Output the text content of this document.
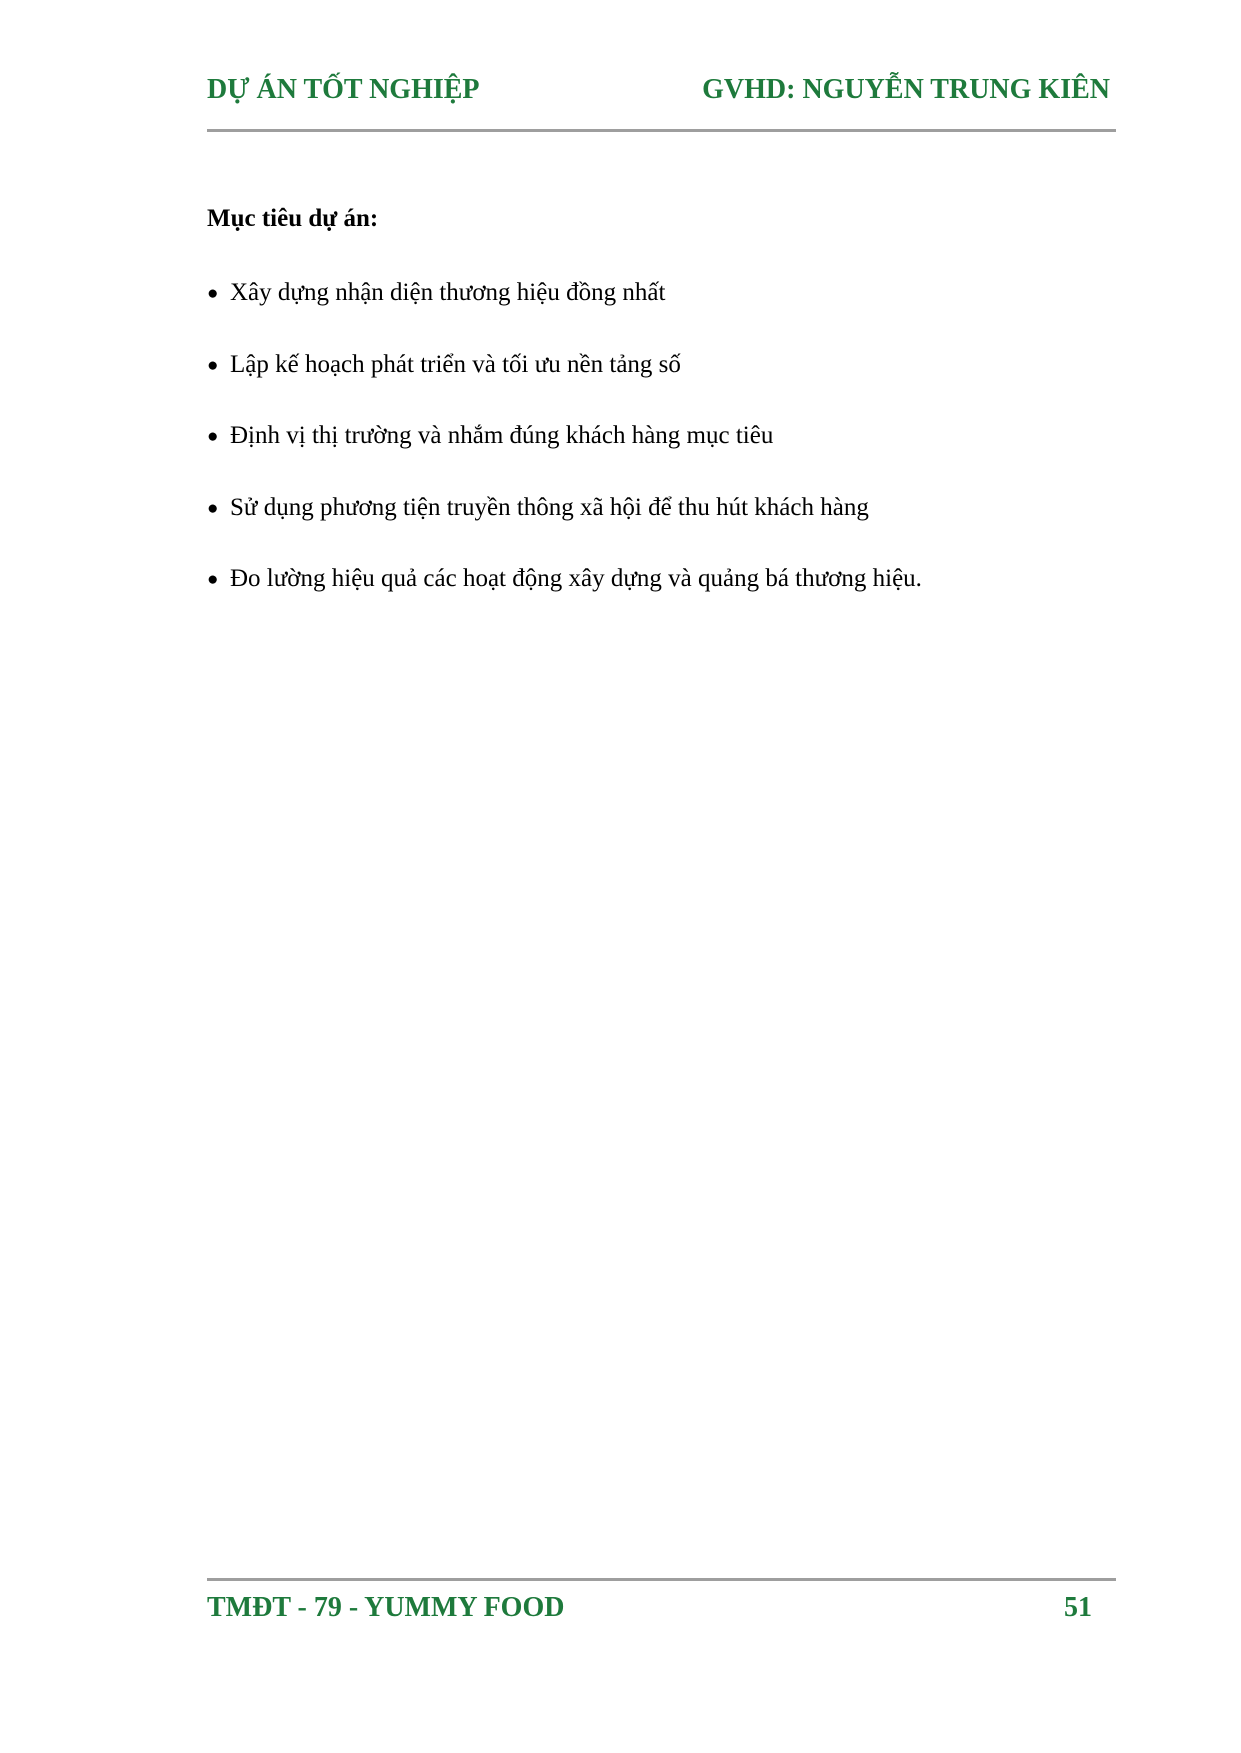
DỰ ÁN TỐT NGHIỆP	GVHD: NGUYỄN TRUNG KIÊN
Mục tiêu dự án:
● Xây dựng nhận diện thương hiệu đồng nhất
● Lập kế hoạch phát triển và tối ưu nền tảng số
● Định vị thị trường và nhắm đúng khách hàng mục tiêu
● Sử dụng phương tiện truyền thông xã hội để thu hút khách hàng
● Đo lường hiệu quả các hoạt động xây dựng và quảng bá thương hiệu.
TMĐT - 79 - YUMMY FOOD	51
